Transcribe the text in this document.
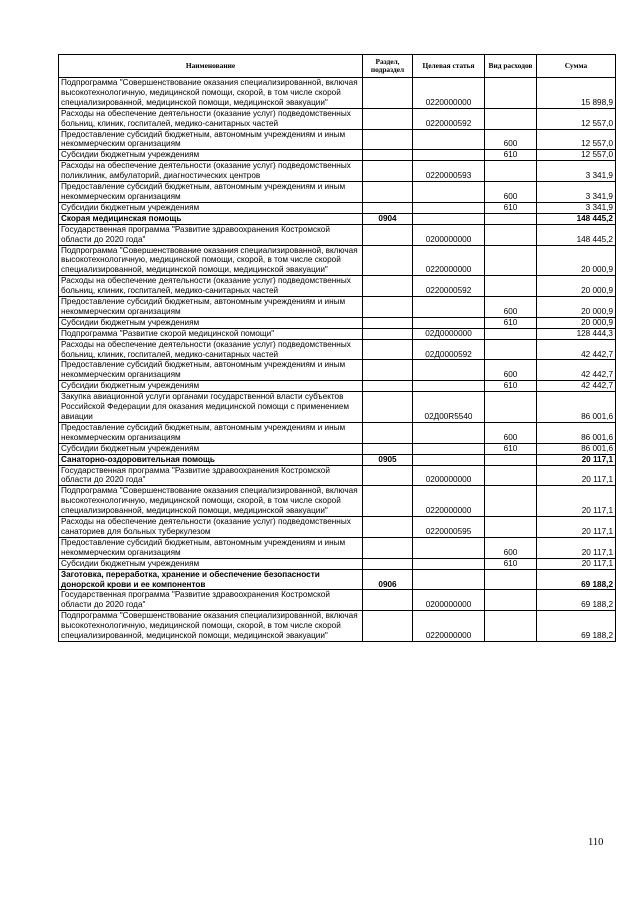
Наименование	Раздел, подраздел	Целевая статья	Вид расходов	Сумма
Подпрограмма "Совершенствование оказания специализированной, включая высокотехнологичную, медицинской помощи, скорой, в том числе скорой специализированной, медицинской помощи, медицинской эвакуации"		0220000000		15 898,9
Расходы на обеспечение деятельности (оказание услуг) подведомственных больниц, клиник, госпиталей, медико-санитарных частей		0220000592		12 557,0
Предоставление субсидий бюджетным, автономным учреждениям и иным некоммерческим организациям			600	12 557,0
Субсидии бюджетным учреждениям			610	12 557,0
Расходы на обеспечение деятельности (оказание услуг) подведомственных поликлиник, амбулаторий, диагностических центров		0220000593		3 341,9
Предоставление субсидий бюджетным, автономным учреждениям и иным некоммерческим организациям			600	3 341,9
Субсидии бюджетным учреждениям			610	3 341,9
Скорая медицинская помощь	0904			148 445,2
Государственная программа "Развитие здравоохранения Костромской области до 2020 года"		0200000000		148 445,2
Подпрограмма "Совершенствование оказания специализированной, включая высокотехнологичную, медицинской помощи, скорой, в том числе скорой специализированной, медицинской помощи, медицинской эвакуации"		0220000000		20 000,9
Расходы на обеспечение деятельности (оказание услуг) подведомственных больниц, клиник, госпиталей, медико-санитарных частей		0220000592		20 000,9
Предоставление субсидий бюджетным, автономным учреждениям и иным некоммерческим организациям			600	20 000,9
Субсидии бюджетным учреждениям			610	20 000,9
Подпрограмма "Развитие скорой медицинской помощи"		02Д0000000		128 444,3
Расходы на обеспечение деятельности (оказание услуг) подведомственных больниц, клиник, госпиталей, медико-санитарных частей		02Д0000592		42 442,7
Предоставление субсидий бюджетным, автономным учреждениям и иным некоммерческим организациям			600	42 442,7
Субсидии бюджетным учреждениям			610	42 442,7
Закупка авиационной услуги органами государственной власти субъектов Российской Федерации для оказания медицинской помощи с применением авиации		02Д00R5540		86 001,6
Предоставление субсидий бюджетным, автономным учреждениям и иным некоммерческим организациям			600	86 001,6
Субсидии бюджетным учреждениям			610	86 001,6
Санаторно-оздоровительная помощь	0905			20 117,1
Государственная программа "Развитие здравоохранения Костромской области до 2020 года"		0200000000		20 117,1
Подпрограмма "Совершенствование оказания специализированной, включая высокотехнологичную, медицинской помощи, скорой, в том числе скорой специализированной, медицинской помощи, медицинской эвакуации"		0220000000		20 117,1
Расходы на обеспечение деятельности (оказание услуг) подведомственных санаториев для больных туберкулезом		0220000595		20 117,1
Предоставление субсидий бюджетным, автономным учреждениям и иным некоммерческим организациям			600	20 117,1
Субсидии бюджетным учреждениям			610	20 117,1
Заготовка, переработка, хранение и обеспечение безопасности донорской крови и ее компонентов	0906			69 188,2
Государственная программа "Развитие здравоохранения Костромской области до 2020 года"		0200000000		69 188,2
Подпрограмма "Совершенствование оказания специализированной, включая высокотехнологичную, медицинской помощи, скорой, в том числе скорой специализированной, медицинской помощи, медицинской эвакуации"		0220000000		69 188,2
110
